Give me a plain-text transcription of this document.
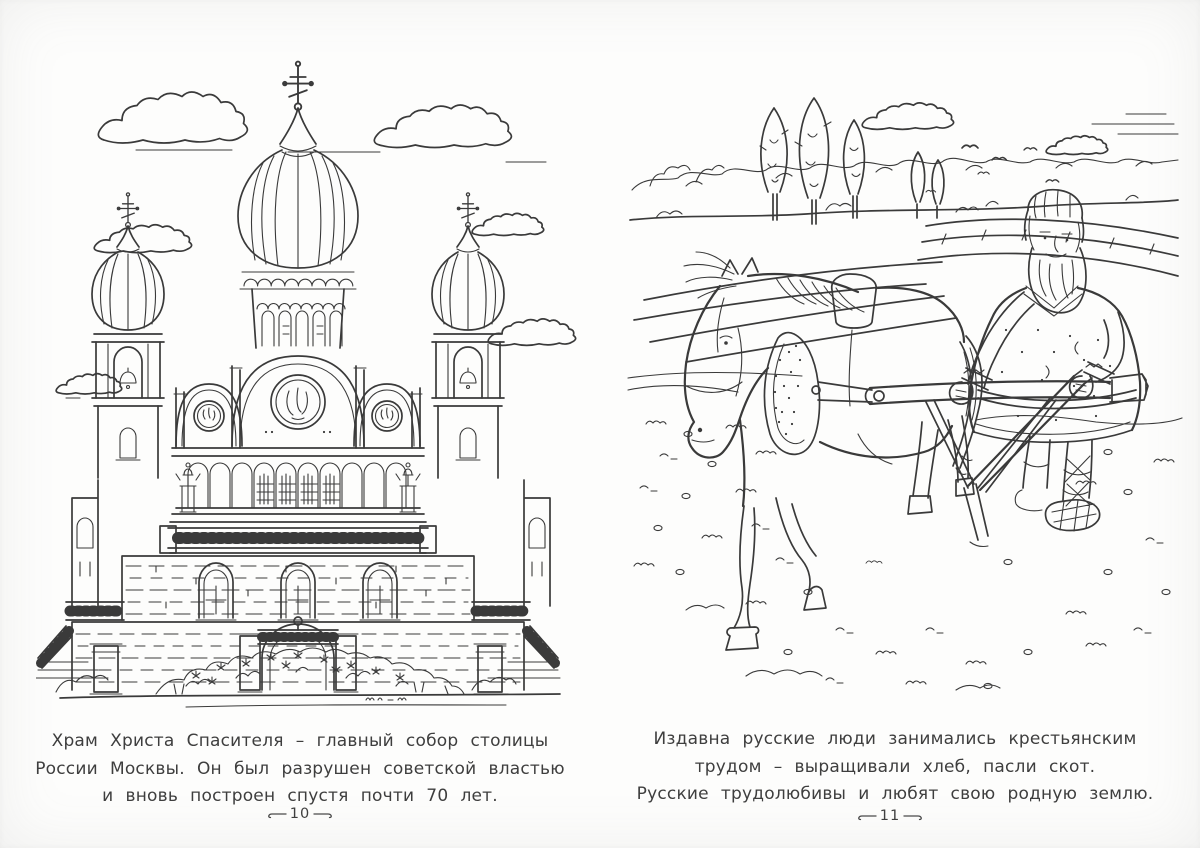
Храм Христа Спасителя – главный собор столицы
России Москвы. Он был разрушен советской властью
и вновь построен спустя почти 70 лет.
10
Издавна русские люди занимались крестьянским
трудом – выращивали хлеб, пасли скот.
Русские трудолюбивы и любят свою родную землю.
11
